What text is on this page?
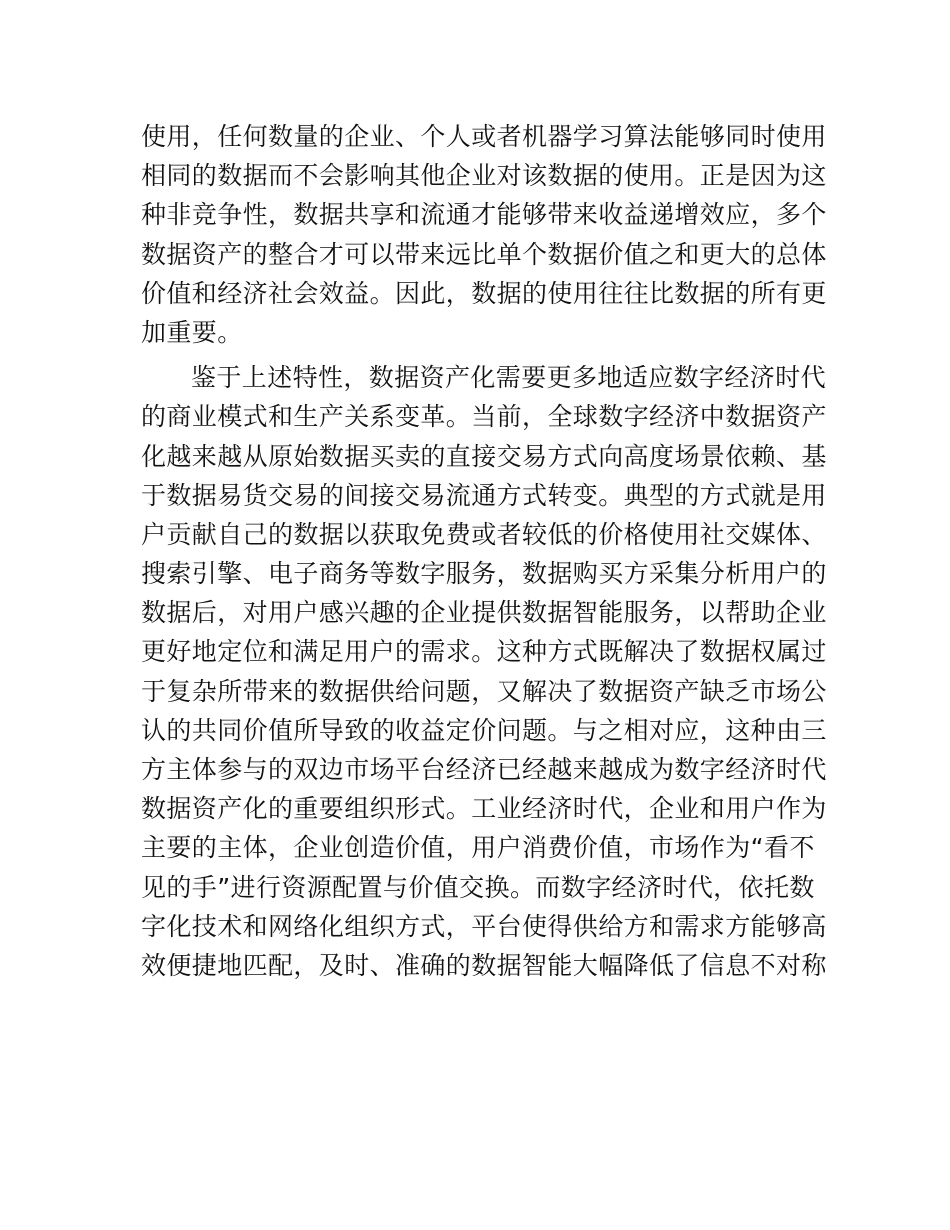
使用，任何数量的企业、个人或者机器学习算法能够同时使用
相同的数据而不会影响其他企业对该数据的使用。正是因为这
种非竞争性，数据共享和流通才能够带来收益递增效应，多个
数据资产的整合才可以带来远比单个数据价值之和更大的总体
价值和经济社会效益。因此，数据的使用往往比数据的所有更
加重要。
鉴于上述特性，数据资产化需要更多地适应数字经济时代
的商业模式和生产关系变革。当前，全球数字经济中数据资产
化越来越从原始数据买卖的直接交易方式向高度场景依赖、基
于数据易货交易的间接交易流通方式转变。典型的方式就是用
户贡献自己的数据以获取免费或者较低的价格使用社交媒体、
搜索引擎、电子商务等数字服务，数据购买方采集分析用户的
数据后，对用户感兴趣的企业提供数据智能服务，以帮助企业
更好地定位和满足用户的需求。这种方式既解决了数据权属过
于复杂所带来的数据供给问题，又解决了数据资产缺乏市场公
认的共同价值所导致的收益定价问题。与之相对应，这种由三
方主体参与的双边市场平台经济已经越来越成为数字经济时代
数据资产化的重要组织形式。工业经济时代，企业和用户作为
主要的主体，企业创造价值，用户消费价值，市场作为“看不
见的手”进行资源配置与价值交换。而数字经济时代，依托数
字化技术和网络化组织方式，平台使得供给方和需求方能够高
效便捷地匹配，及时、准确的数据智能大幅降低了信息不对称
